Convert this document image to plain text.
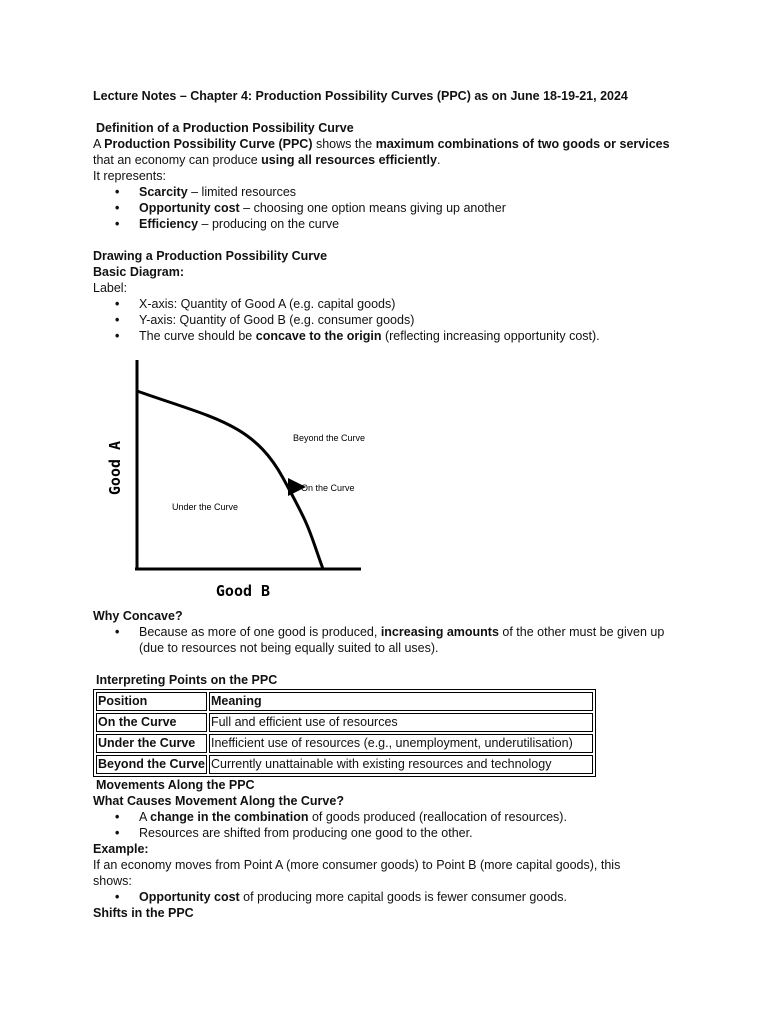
Lecture Notes – Chapter 4: Production Possibility Curves (PPC) as on June 18-19-21, 2024

Definition of a Production Possibility Curve

A Production Possibility Curve (PPC) shows the maximum combinations of two goods or services

that an economy can produce using all resources efficiently.

It represents:

• Scarcity – limited resources
• Opportunity cost – choosing one option means giving up another
• Efficiency – producing on the curve

Drawing a Production Possibility Curve

Basic Diagram:

Label:

• X-axis: Quantity of Good A (e.g. capital goods)
• Y-axis: Quantity of Good B (e.g. consumer goods)
• The curve should be concave to the origin (reflecting increasing opportunity cost).
Good A
Good B
Beyond the Curve
On the Curve
Under the Curve

Why Concave?

• Because as more of one good is produced, increasing amounts of the other must be given up
(due to resources not being equally suited to all uses).

Interpreting Points on the PPC

Position	Meaning
On the Curve	Full and efficient use of resources
Under the Curve	Inefficient use of resources (e.g., unemployment, underutilisation)
Beyond the Curve	Currently unattainable with existing resources and technology

Movements Along the PPC

What Causes Movement Along the Curve?

• A change in the combination of goods produced (reallocation of resources).
• Resources are shifted from producing one good to the other.

Example:

If an economy moves from Point A (more consumer goods) to Point B (more capital goods), this

shows:

• Opportunity cost of producing more capital goods is fewer consumer goods.

Shifts in the PPC
